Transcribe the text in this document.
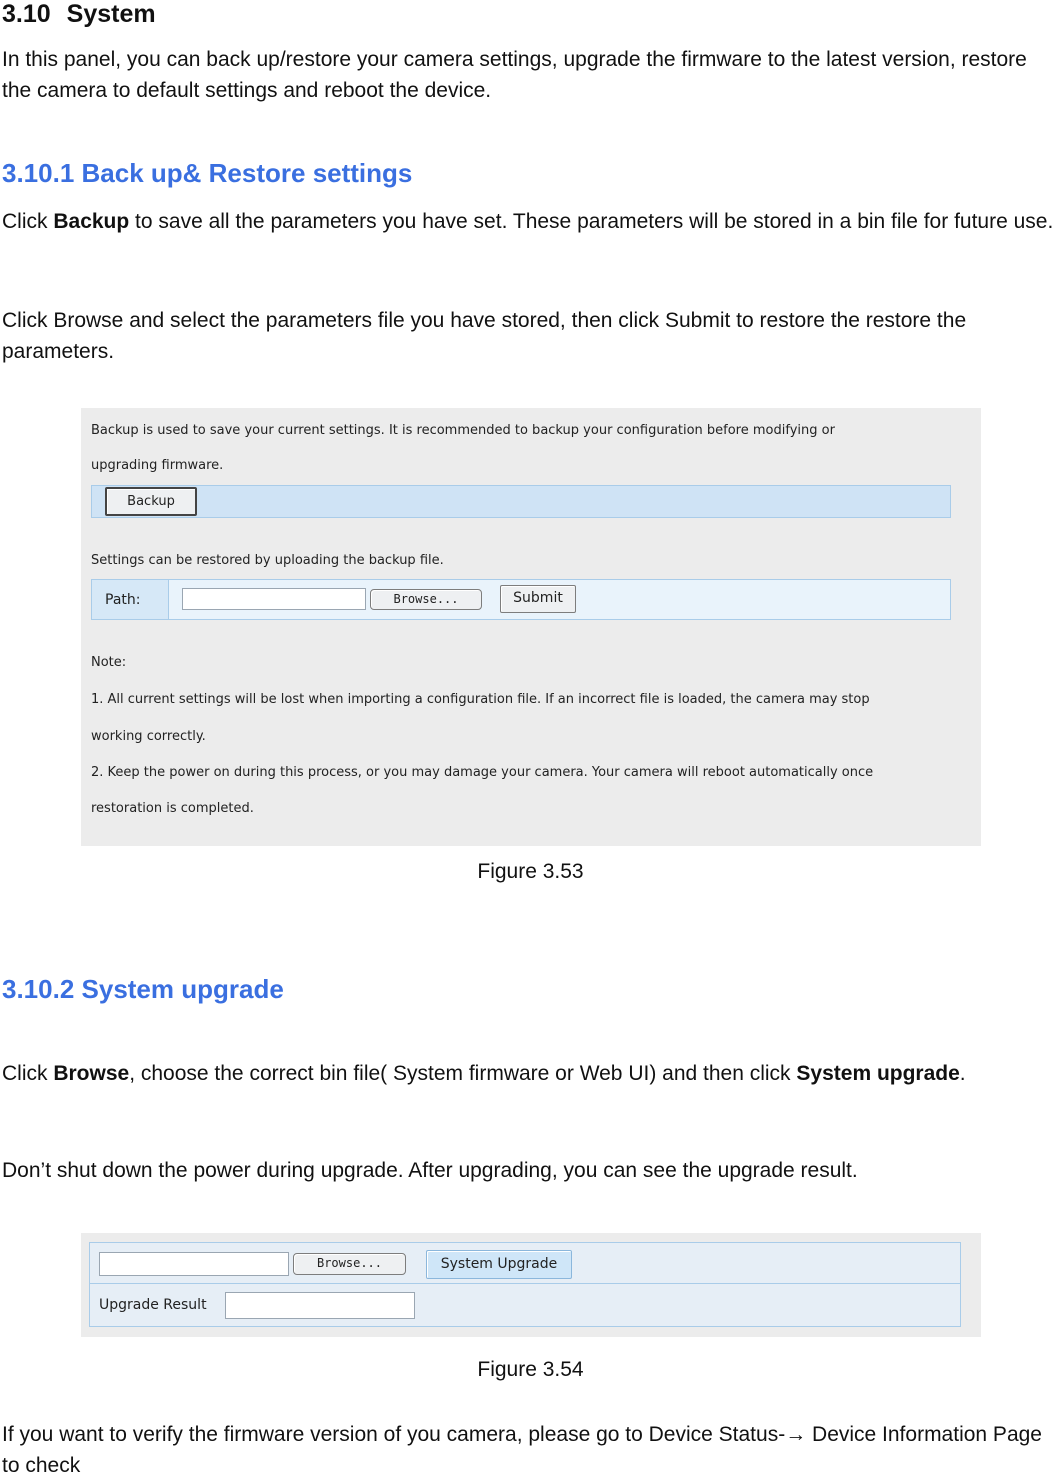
3.10 System
In this panel, you can back up/restore your camera settings, upgrade the firmware to the latest version, restore the camera to default settings and reboot the device.
3.10.1 Back up& Restore settings
Click Backup to save all the parameters you have set. These parameters will be stored in a bin file for future use.
Click Browse and select the parameters file you have stored, then click Submit to restore the restore the parameters.
Backup is used to save your current settings. It is recommended to backup your configuration before modifying or
upgrading firmware.
Backup
Settings can be restored by uploading the backup file.
Path:	Browse...	Submit
Note:
1. All current settings will be lost when importing a configuration file. If an incorrect file is loaded, the camera may stop
working correctly.
2. Keep the power on during this process, or you may damage your camera. Your camera will reboot automatically once
restoration is completed.
Figure 3.53
3.10.2 System upgrade
Click Browse, choose the correct bin file( System firmware or Web UI) and then click System upgrade.
Don’t shut down the power during upgrade. After upgrading, you can see the upgrade result.
Browse...	System Upgrade
Upgrade Result
Figure 3.54
If you want to verify the firmware version of you camera, please go to Device Status-→ Device Information Page to check
